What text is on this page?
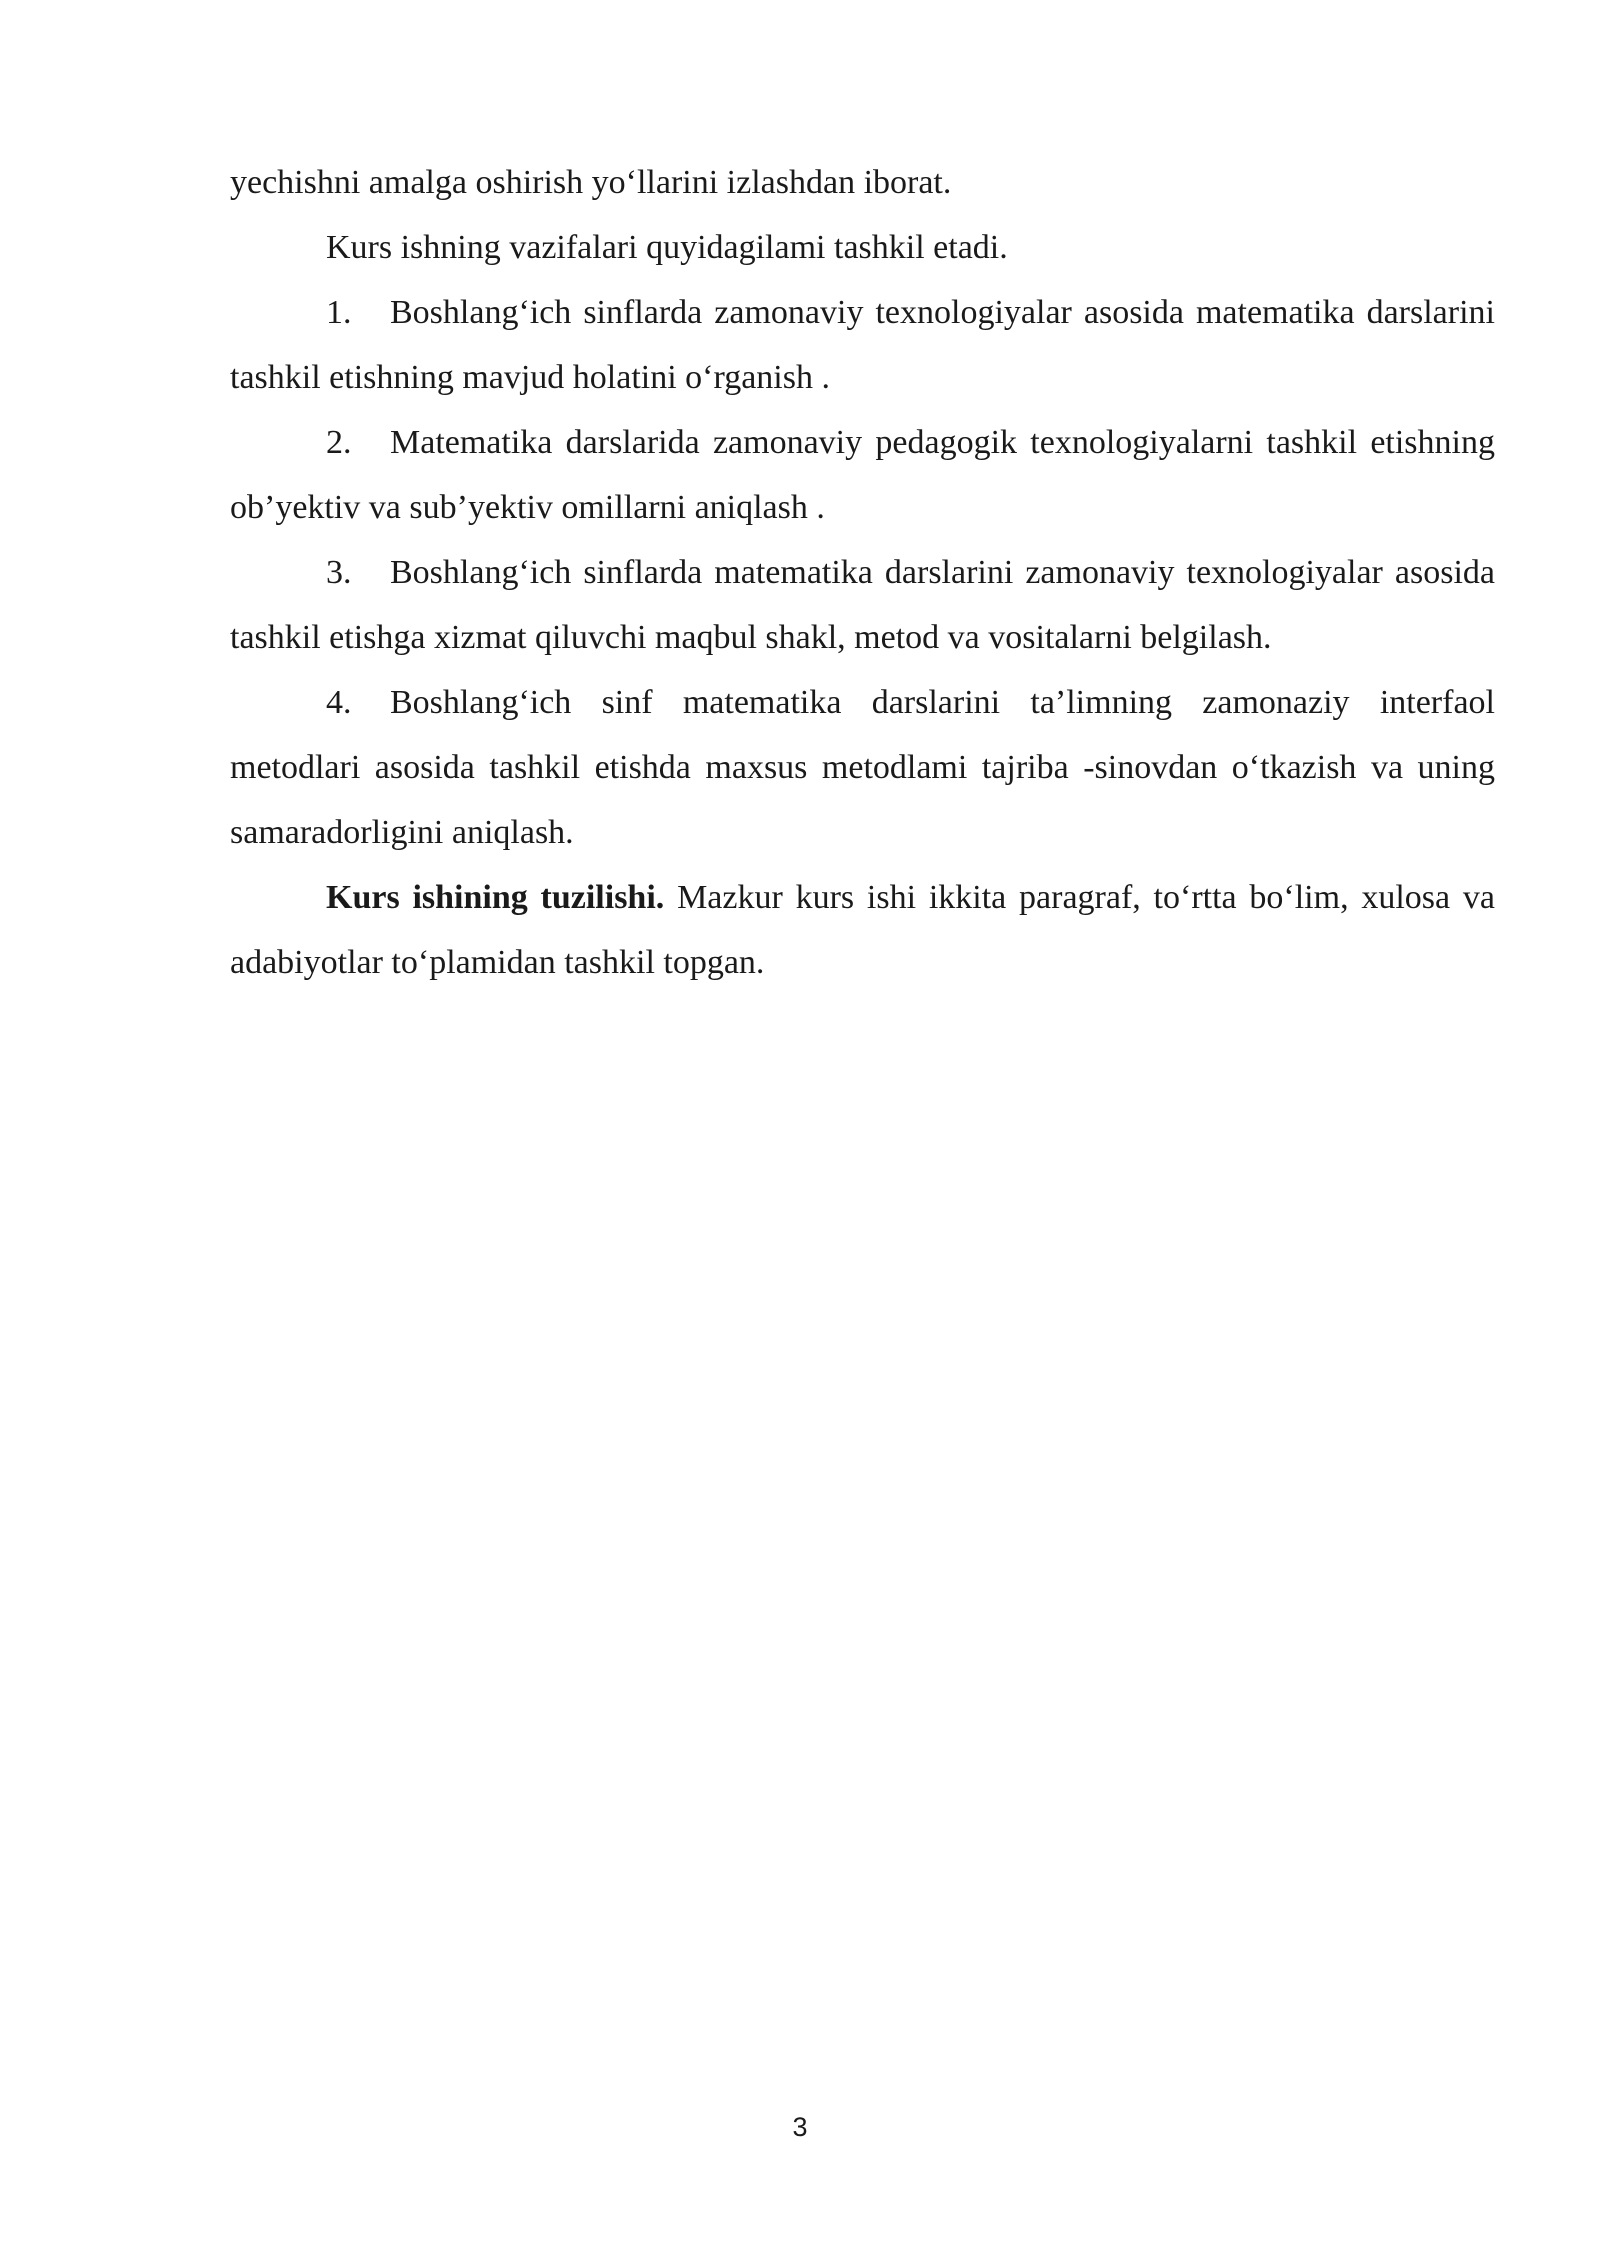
yechishni amalga oshirish yo‘llarini izlashdan iborat.

Kurs ishning vazifalari quyidagilami tashkil etadi.

1. Boshlang‘ich sinflarda zamonaviy texnologiyalar asosida matematika darslarini tashkil etishning mavjud holatini o‘rganish .

2. Matematika darslarida zamonaviy pedagogik texnologiyalarni tashkil etishning ob’yektiv va sub’yektiv omillarni aniqlash .

3. Boshlang‘ich sinflarda matematika darslarini zamonaviy texnologiyalar asosida tashkil etishga xizmat qiluvchi maqbul shakl, metod va vositalarni belgilash.

4. Boshlang‘ich sinf matematika darslarini ta’limning zamonaziy interfaol metodlari asosida tashkil etishda maxsus metodlami tajriba -sinovdan o‘tkazish va uning samaradorligini aniqlash.

Kurs ishining tuzilishi. Mazkur kurs ishi ikkita paragraf, to‘rtta bo‘lim, xulosa va adabiyotlar to‘plamidan tashkil topgan.

3
